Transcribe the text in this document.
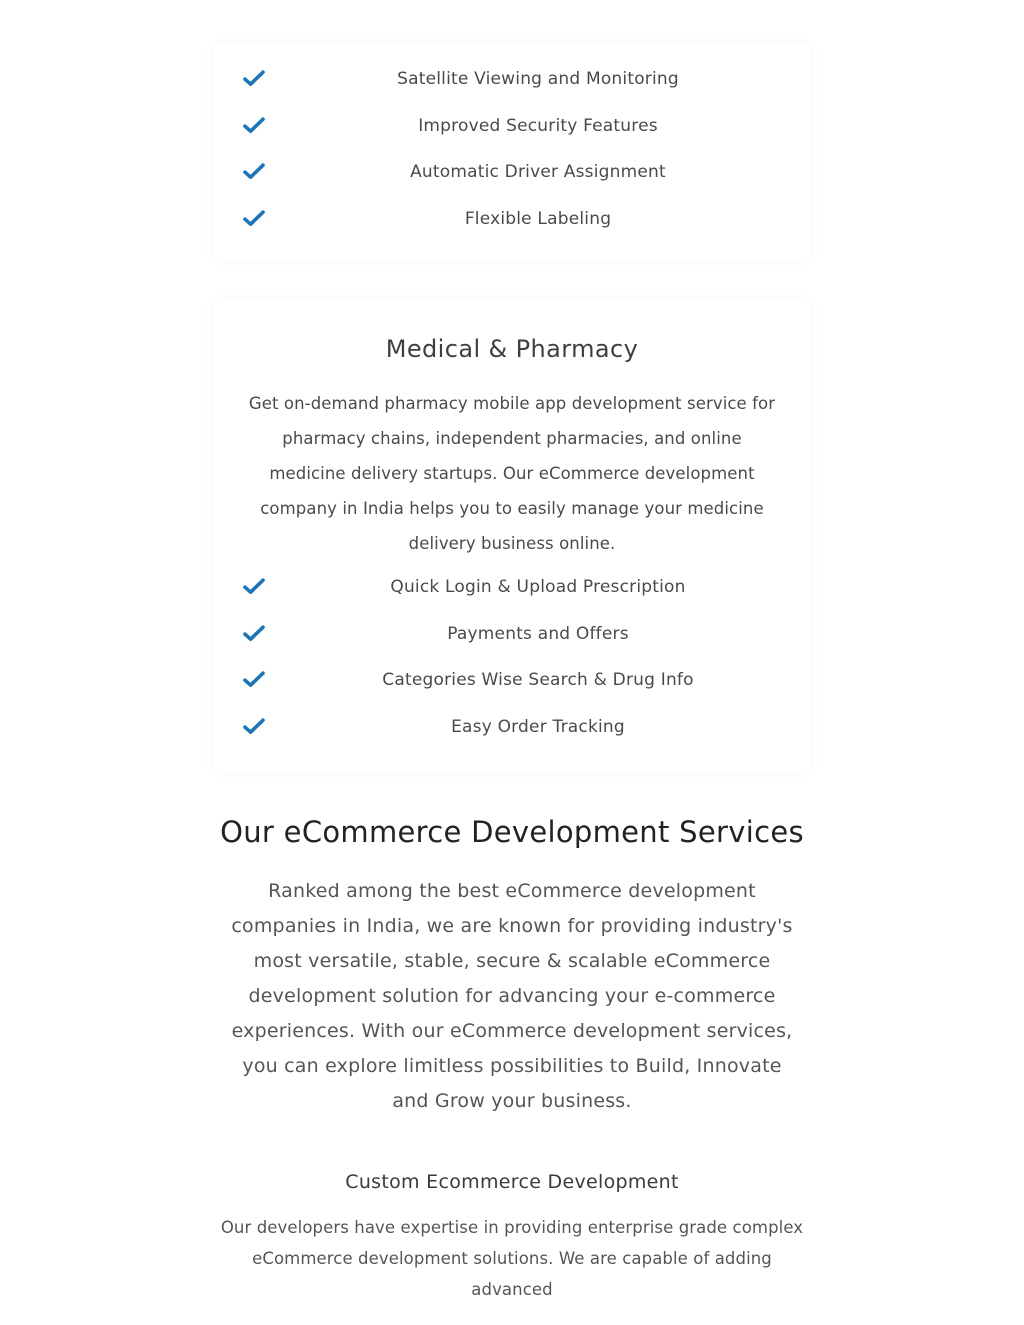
Satellite Viewing and Monitoring
Improved Security Features
Automatic Driver Assignment
Flexible Labeling
Medical & Pharmacy

Get on-demand pharmacy mobile app development service for pharmacy chains, independent pharmacies, and online medicine delivery startups. Our eCommerce development company in India helps you to easily manage your medicine delivery business online.

Quick Login & Upload Prescription
Payments and Offers
Categories Wise Search & Drug Info
Easy Order Tracking
Our eCommerce Development Services

Ranked among the best eCommerce development companies in India, we are known for providing industry's most versatile, stable, secure & scalable eCommerce development solution for advancing your e-commerce experiences. With our eCommerce development services, you can explore limitless possibilities to Build, Innovate and Grow your business.

Custom Ecommerce Development

Our developers have expertise in providing enterprise grade complex eCommerce development solutions. We are capable of adding advanced
